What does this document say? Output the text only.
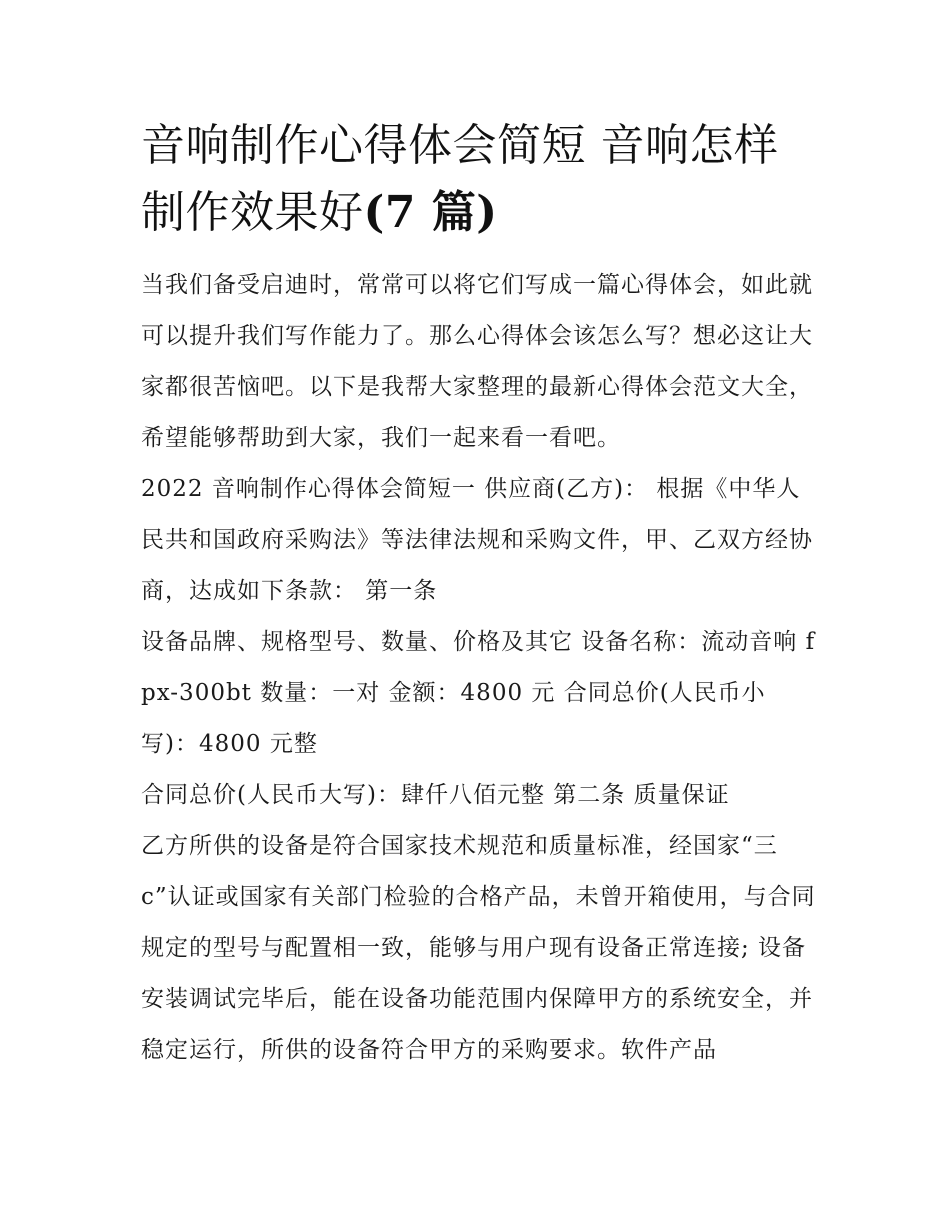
音响制作心得体会简短 音响怎样制作效果好(7 篇)

当我们备受启迪时，常常可以将它们写成一篇心得体会，如此就可以提升我们写作能力了。那么心得体会该怎么写？想必这让大家都很苦恼吧。以下是我帮大家整理的最新心得体会范文大全，希望能够帮助到大家，我们一起来看一看吧。

2022 音响制作心得体会简短一 供应商(乙方)： 根据《中华人民共和国政府采购法》等法律法规和采购文件，甲、乙双方经协商，达成如下条款： 第一条

设备品牌、规格型号、数量、价格及其它 设备名称：流动音响 fpx-300bt 数量：一对 金额：4800 元 合同总价(人民币小写)：4800 元整

合同总价(人民币大写)：肆仟八佰元整 第二条 质量保证

乙方所供的设备是符合国家技术规范和质量标准，经国家“三c”认证或国家有关部门检验的合格产品，未曾开箱使用，与合同规定的型号与配置相一致，能够与用户现有设备正常连接; 设备安装调试完毕后，能在设备功能范围内保障甲方的系统安全，并稳定运行，所供的设备符合甲方的采购要求。软件产品
